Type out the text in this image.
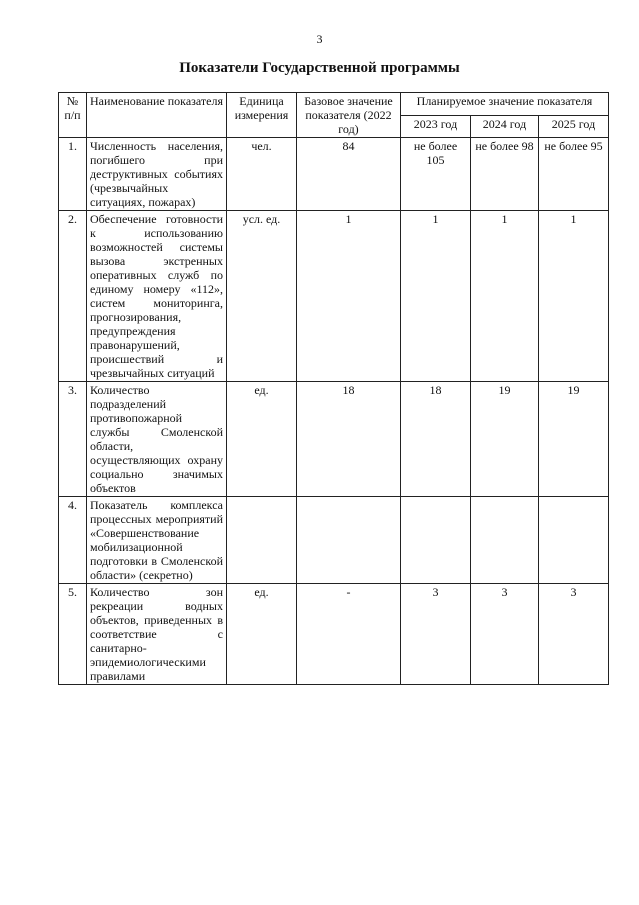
3
Показатели Государственной программы
№ п/п	Наименование показателя	Единица измерения	Базовое значение показателя (2022 год)	Планируемое значение показателя		
				2023 год	2024 год	2025 год
1.	Численность населения, погибшего при деструктивных событиях (чрезвычайных ситуациях, пожарах)	чел.	84	не более 105	не более 98	не более 95
2.	Обеспечение готовности к использованию возможностей системы вызова экстренных оперативных служб по единому номеру «112», систем мониторинга, прогнозирования, предупреждения правонарушений, происшествий и чрезвычайных ситуаций	усл. ед.	1	1	1	1
3.	Количество подразделений противопожарной службы Смоленской области, осуществляющих охрану социально значимых объектов	ед.	18	18	19	19
4.	Показатель комплекса процессных мероприятий «Совершенствование мобилизационной подготовки в Смоленской области» (секретно)					
5.	Количество зон рекреации водных объектов, приведенных в соответствие с санитарно-эпидемиологическими правилами	ед.	-	3	3	3
